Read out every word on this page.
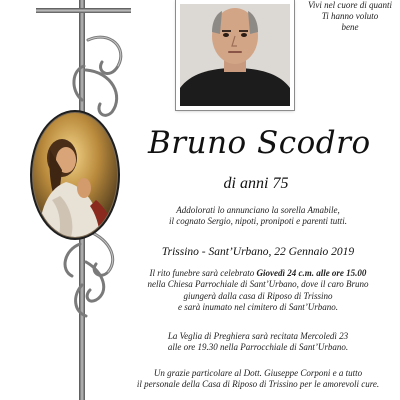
Vivi nel cuore di quanti
Ti hanno voluto
bene
Bruno Scodro
di anni 75
Addolorati lo annunciano la sorella Amabile,
il cognato Sergio, nipoti, pronipoti e parenti tutti.
Trissino - Sant’Urbano, 22 Gennaio 2019
Il rito funebre sarà celebrato Giovedì 24 c.m. alle ore 15.00
nella Chiesa Parrochiale di Sant’Urbano, dove il caro Bruno
giungerà dalla casa di Riposo di Trissino
e sarà inumato nel cimitero di Sant’Urbano.
La Veglia di Preghiera sarà recitata Mercoledì 23
alle ore 19.30 nella Parrocchiale di Sant’Urbano.
Un grazie particolare al Dott. Giuseppe Corponi e a tutto
il personale della Casa di Riposo di Trissino per le amorevoli cure.
